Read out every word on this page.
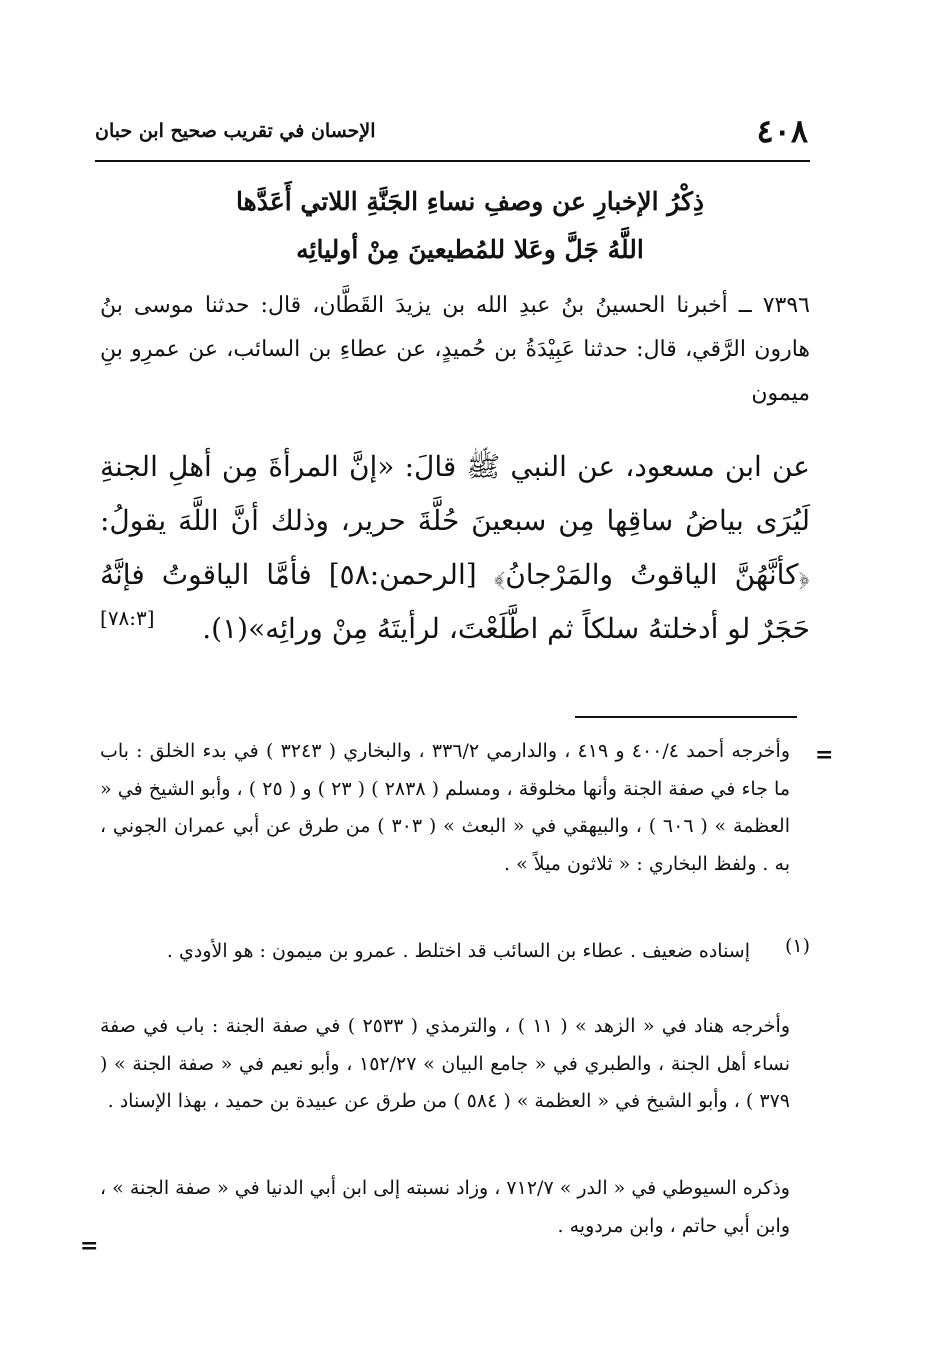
٤٠٨
الإحسان في تقريب صحيح ابن حبان
ذِكْرُ الإخبارِ عن وصفِ نساءِ الجَنَّةِ اللاتي أَعَدَّها
اللَّهُ جَلَّ وعَلا للمُطيعينَ مِنْ أوليائِه
٧٣٩٦ ــ أخبرنا الحسينُ بنُ عبدِ الله بن يزيدَ القَطَّان، قال: حدثنا موسى بنُ هارون الرَّقي، قال: حدثنا عَبِيْدَةُ بن حُميدٍ، عن عطاءِ بن السائب، عن عمرِو بنِ ميمون
عن ابن مسعود، عن النبي ﷺ قالَ: «إنَّ المرأةَ مِن أهلِ الجنةِ لَيُرَى بياضُ ساقِها مِن سبعينَ حُلَّةَ حرير، وذلك أنَّ اللَّهَ يقولُ: ﴿كأنَّهُنَّ الياقوتُ والمَرْجانُ﴾ [الرحمن:٥٨] فأمَّا الياقوتُ فإنَّهُ حَجَرٌ لو أدخلتهُ سلكاً ثم اطَّلَعْتَ، لرأيتَهُ مِنْ ورائِه»(١).
[٧٨:٣]
=
وأخرجه أحمد ٤٠٠/٤ و ٤١٩ ، والدارمي ٣٣٦/٢ ، والبخاري ( ٣٢٤٣ ) في بدء الخلق : باب ما جاء في صفة الجنة وأنها مخلوقة ، ومسلم ( ٢٨٣٨ ) ( ٢٣ ) و ( ٢٥ ) ، وأبو الشيخ في « العظمة » ( ٦٠٦ ) ، والبيهقي في « البعث » ( ٣٠٣ ) من طرق عن أبي عمران الجوني ، به . ولفظ البخاري : « ثلاثون ميلاً » .
(١)
إسناده ضعيف . عطاء بن السائب قد اختلط . عمرو بن ميمون : هو الأودي .
وأخرجه هناد في « الزهد » ( ١١ ) ، والترمذي ( ٢٥٣٣ ) في صفة الجنة : باب في صفة نساء أهل الجنة ، والطبري في « جامع البيان » ١٥٢/٢٧ ، وأبو نعيم في « صفة الجنة » ( ٣٧٩ ) ، وأبو الشيخ في « العظمة » ( ٥٨٤ ) من طرق عن عبيدة بن حميد ، بهذا الإسناد .
وذكره السيوطي في « الدر » ٧١٢/٧ ، وزاد نسبته إلى ابن أبي الدنيا في « صفة الجنة » ، وابن أبي حاتم ، وابن مردويه .
=
